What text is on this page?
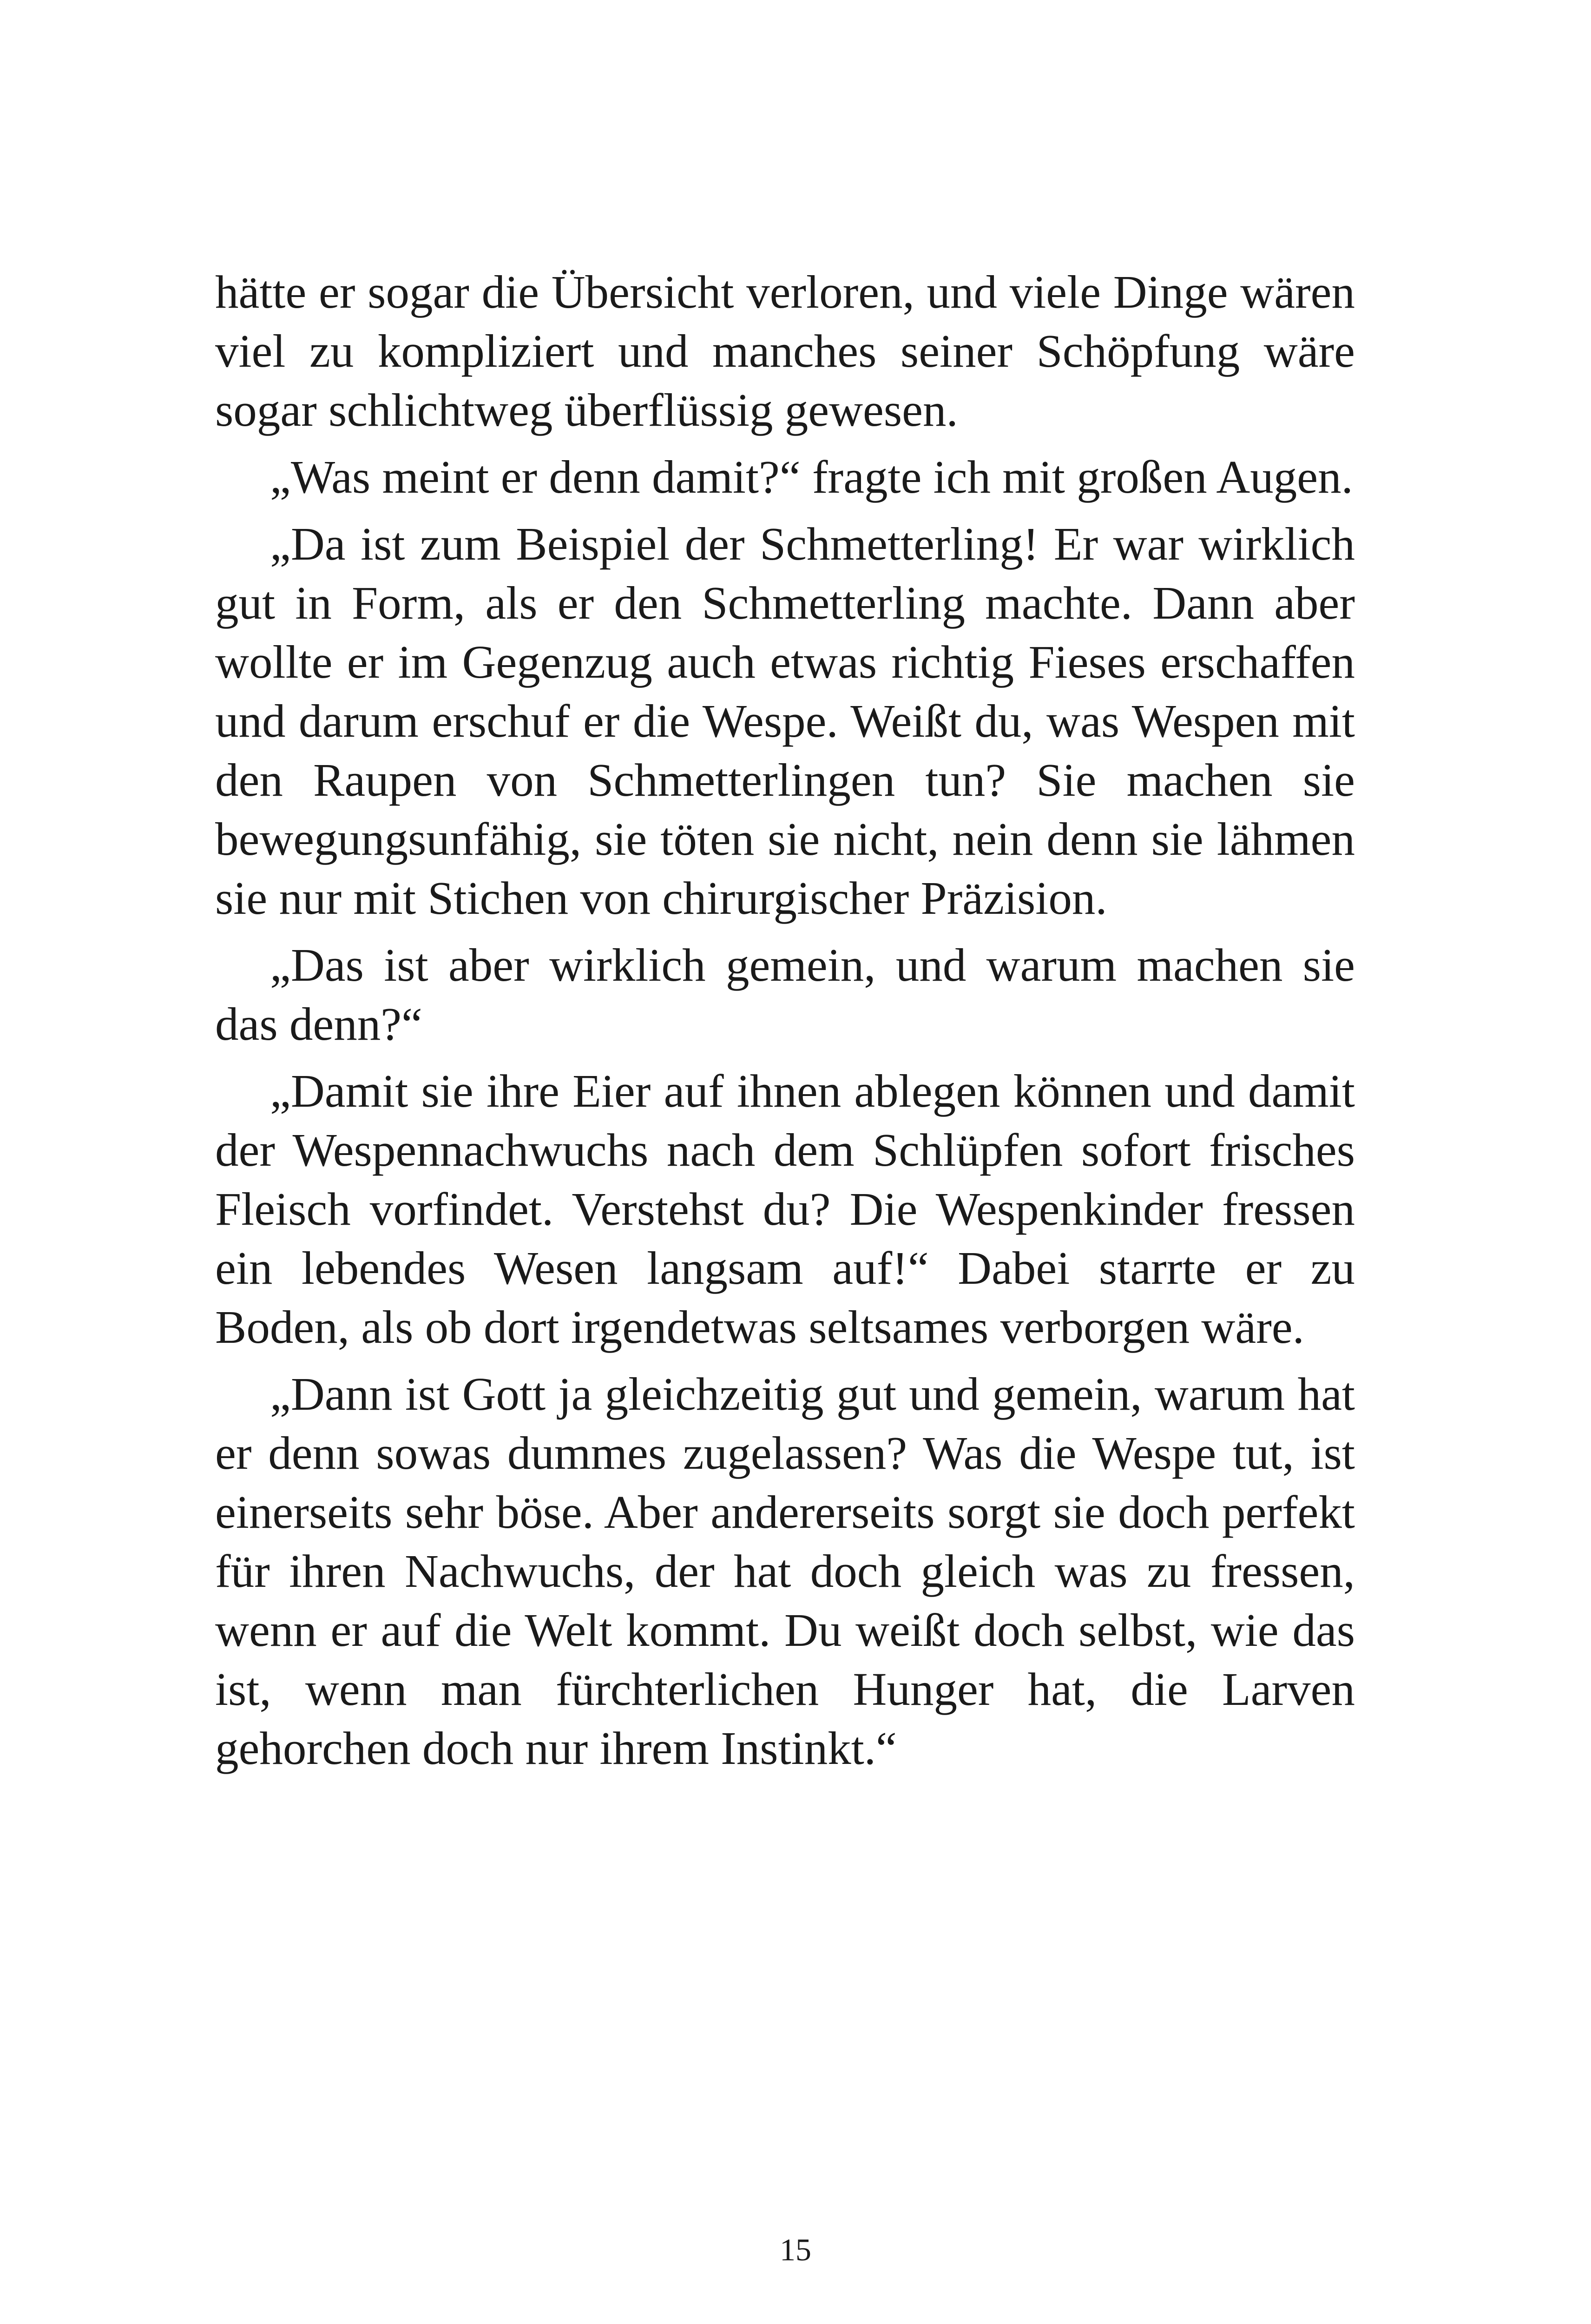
hätte er sogar die Übersicht verloren, und viele Dinge wären viel zu kompliziert und manches seiner Schöpfung wäre sogar schlichtweg überflüssig gewesen.

„Was meint er denn damit?“ fragte ich mit großen Augen.

„Da ist zum Beispiel der Schmetterling! Er war wirklich gut in Form, als er den Schmetterling machte. Dann aber wollte er im Gegenzug auch etwas richtig Fieses erschaffen und darum erschuf er die Wespe. Weißt du, was Wespen mit den Raupen von Schmetterlingen tun? Sie machen sie bewegungsunfähig, sie töten sie nicht, nein denn sie lähmen sie nur mit Stichen von chirurgischer Präzision.

„Das ist aber wirklich gemein, und warum machen sie das denn?“

„Damit sie ihre Eier auf ihnen ablegen können und damit der Wespennachwuchs nach dem Schlüpfen sofort frisches Fleisch vorfindet. Verstehst du? Die Wespenkinder fressen ein lebendes Wesen langsam auf!“ Dabei starrte er zu Boden, als ob dort irgendetwas seltsames verborgen wäre.

„Dann ist Gott ja gleichzeitig gut und gemein, warum hat er denn sowas dummes zugelassen? Was die Wespe tut, ist einerseits sehr böse. Aber andererseits sorgt sie doch perfekt für ihren Nachwuchs, der hat doch gleich was zu fressen, wenn er auf die Welt kommt. Du weißt doch selbst, wie das ist, wenn man fürchterlichen Hunger hat, die Larven gehorchen doch nur ihrem Instinkt.“

15
